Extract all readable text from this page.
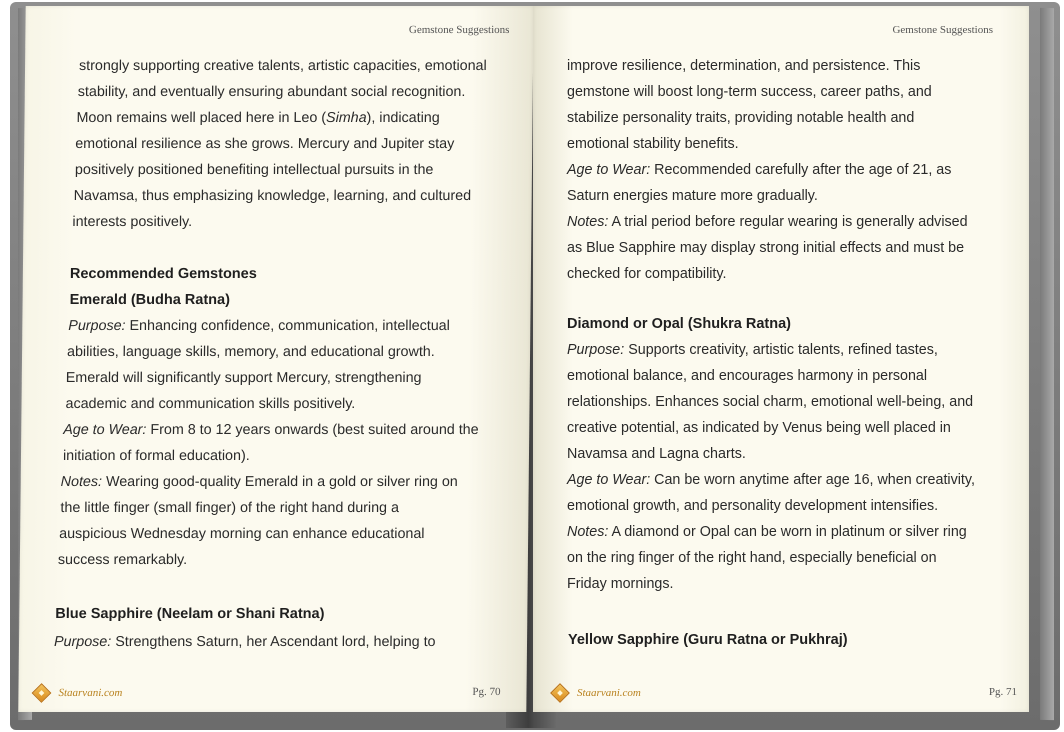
Gemstone Suggestions
strongly supporting creative talents, artistic capacities, emotional
stability, and eventually ensuring abundant social recognition.
Moon remains well placed here in Leo (Simha), indicating
emotional resilience as she grows. Mercury and Jupiter stay
positively positioned benefiting intellectual pursuits in the
Navamsa, thus emphasizing knowledge, learning, and cultured
interests positively.
Recommended Gemstones
Emerald (Budha Ratna)
Purpose: Enhancing confidence, communication, intellectual
abilities, language skills, memory, and educational growth.
Emerald will significantly support Mercury, strengthening
academic and communication skills positively.
Age to Wear: From 8 to 12 years onwards (best suited around the
initiation of formal education).
Notes: Wearing good-quality Emerald in a gold or silver ring on
the little finger (small finger) of the right hand during a
auspicious Wednesday morning can enhance educational
success remarkably.
Blue Sapphire (Neelam or Shani Ratna)
Purpose: Strengthens Saturn, her Ascendant lord, helping to
Staarvani.com	Pg. 70
Gemstone Suggestions
improve resilience, determination, and persistence. This
gemstone will boost long-term success, career paths, and
stabilize personality traits, providing notable health and
emotional stability benefits.
Age to Wear: Recommended carefully after the age of 21, as
Saturn energies mature more gradually.
Notes: A trial period before regular wearing is generally advised
as Blue Sapphire may display strong initial effects and must be
checked for compatibility.
Diamond or Opal (Shukra Ratna)
Purpose: Supports creativity, artistic talents, refined tastes,
emotional balance, and encourages harmony in personal
relationships. Enhances social charm, emotional well-being, and
creative potential, as indicated by Venus being well placed in
Navamsa and Lagna charts.
Age to Wear: Can be worn anytime after age 16, when creativity,
emotional growth, and personality development intensifies.
Notes: A diamond or Opal can be worn in platinum or silver ring
on the ring finger of the right hand, especially beneficial on
Friday mornings.
Yellow Sapphire (Guru Ratna or Pukhraj)
Staarvani.com	Pg. 71
